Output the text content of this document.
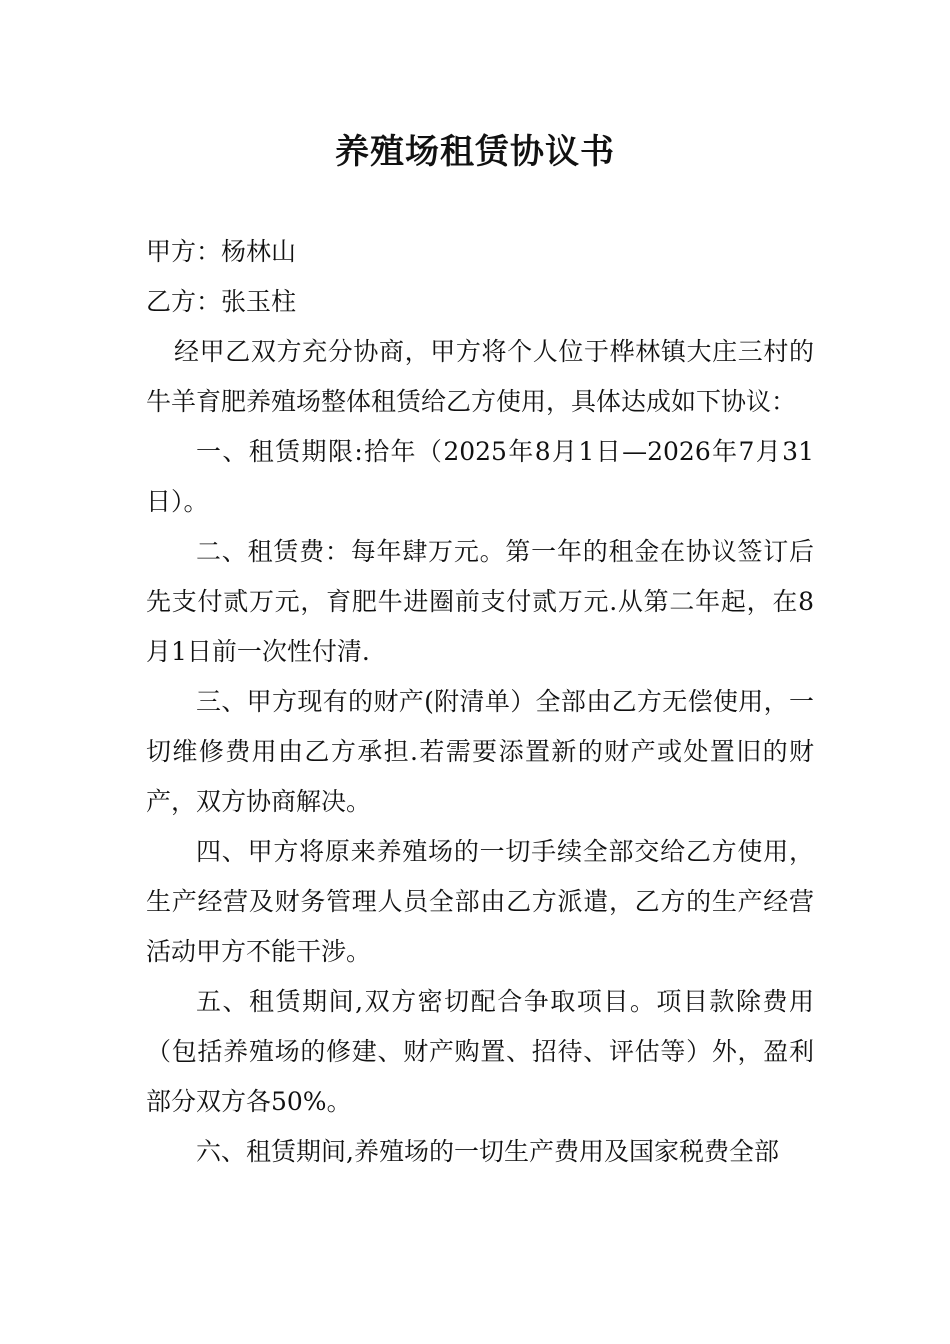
养殖场租赁协议书

甲方：杨林山

乙方：张玉柱

经甲乙双方充分协商，甲方将个人位于桦林镇大庄三村的牛羊育肥养殖场整体租赁给乙方使用，具体达成如下协议：

一、租赁期限:拾年（2025年8月1日—2026年7月31日）。

二、租赁费：每年肆万元。第一年的租金在协议签订后先支付贰万元，育肥牛进圈前支付贰万元.从第二年起，在8月1日前一次性付清.

三、甲方现有的财产(附清单）全部由乙方无偿使用，一切维修费用由乙方承担.若需要添置新的财产或处置旧的财产，双方协商解决。

四、甲方将原来养殖场的一切手续全部交给乙方使用，生产经营及财务管理人员全部由乙方派遣，乙方的生产经营活动甲方不能干涉。

五、租赁期间,双方密切配合争取项目。项目款除费用（包括养殖场的修建、财产购置、招待、评估等）外，盈利部分双方各50%。

六、租赁期间,养殖场的一切生产费用及国家税费全部
